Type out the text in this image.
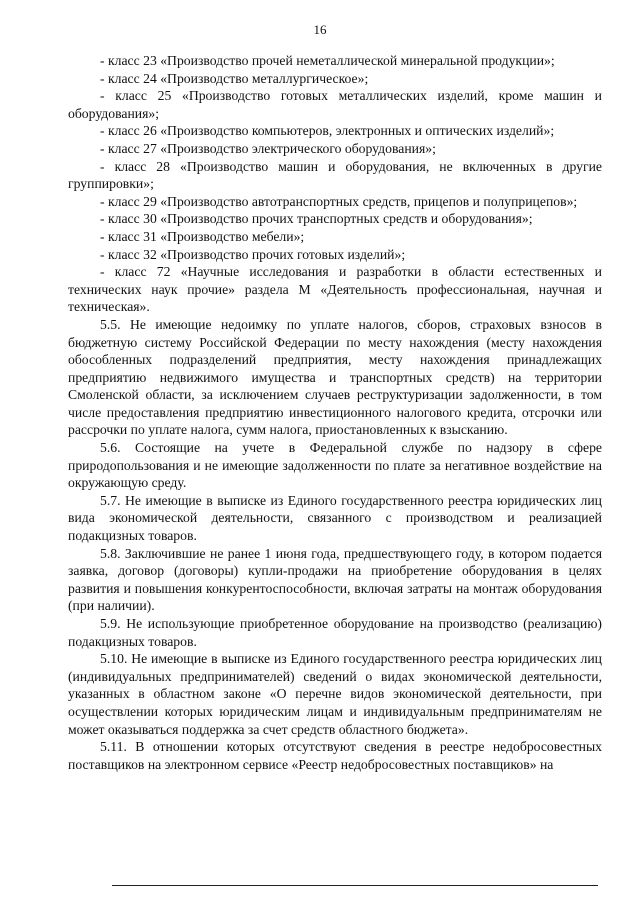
16

- класс 23 «Производство прочей неметаллической минеральной продукции»;

- класс 24 «Производство металлургическое»;

- класс 25 «Производство готовых металлических изделий, кроме машин и оборудования»;

- класс 26 «Производство компьютеров, электронных и оптических изделий»;

- класс 27 «Производство электрического оборудования»;

- класс 28 «Производство машин и оборудования, не включенных в другие группировки»;

- класс 29 «Производство автотранспортных средств, прицепов и полуприцепов»;

- класс 30 «Производство прочих транспортных средств и оборудования»;

- класс 31 «Производство мебели»;

- класс 32 «Производство прочих готовых изделий»;

- класс 72 «Научные исследования и разработки в области естественных и технических наук прочие» раздела M «Деятельность профессиональная, научная и техническая».

5.5. Не имеющие недоимку по уплате налогов, сборов, страховых взносов в бюджетную систему Российской Федерации по месту нахождения (месту нахождения обособленных подразделений предприятия, месту нахождения принадлежащих предприятию недвижимого имущества и транспортных средств) на территории Смоленской области, за исключением случаев реструктуризации задолженности, в том числе предоставления предприятию инвестиционного налогового кредита, отсрочки или рассрочки по уплате налога, сумм налога, приостановленных к взысканию.

5.6. Состоящие на учете в Федеральной службе по надзору в сфере природопользования и не имеющие задолженности по плате за негативное воздействие на окружающую среду.

5.7. Не имеющие в выписке из Единого государственного реестра юридических лиц вида экономической деятельности, связанного с производством и реализацией подакцизных товаров.

5.8. Заключившие не ранее 1 июня года, предшествующего году, в котором подается заявка, договор (договоры) купли-продажи на приобретение оборудования в целях развития и повышения конкурентоспособности, включая затраты на монтаж оборудования (при наличии).

5.9. Не использующие приобретенное оборудование на производство (реализацию) подакцизных товаров.

5.10. Не имеющие в выписке из Единого государственного реестра юридических лиц (индивидуальных предпринимателей) сведений о видах экономической деятельности, указанных в областном законе «О перечне видов экономической деятельности, при осуществлении которых юридическим лицам и индивидуальным предпринимателям не может оказываться поддержка за счет средств областного бюджета».

5.11. В отношении которых отсутствуют сведения в реестре недобросовестных поставщиков на электронном сервисе «Реестр недобросовестных поставщиков» на
